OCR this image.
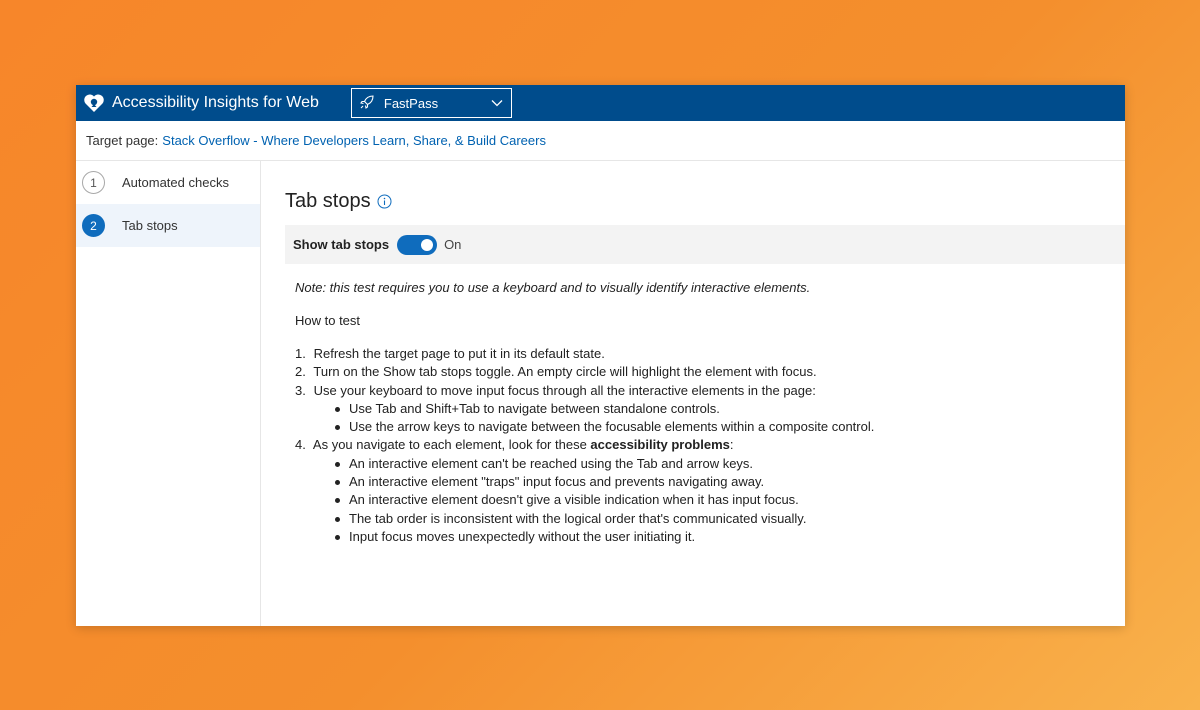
Accessibility Insights for Web	FastPass
Target page: Stack Overflow - Where Developers Learn, Share, & Build Careers
1	Automated checks
2	Tab stops
Tab stops
Show tab stops	On

Note: this test requires you to use a keyboard and to visually identify interactive elements.

How to test

1. Refresh the target page to put it in its default state.
2. Turn on the Show tab stops toggle. An empty circle will highlight the element with focus.
3. Use your keyboard to move input focus through all the interactive elements in the page:
Use Tab and Shift+Tab to navigate between standalone controls.
Use the arrow keys to navigate between the focusable elements within a composite control.
4. As you navigate to each element, look for these accessibility problems:
An interactive element can't be reached using the Tab and arrow keys.
An interactive element "traps" input focus and prevents navigating away.
An interactive element doesn't give a visible indication when it has input focus.
The tab order is inconsistent with the logical order that's communicated visually.
Input focus moves unexpectedly without the user initiating it.
